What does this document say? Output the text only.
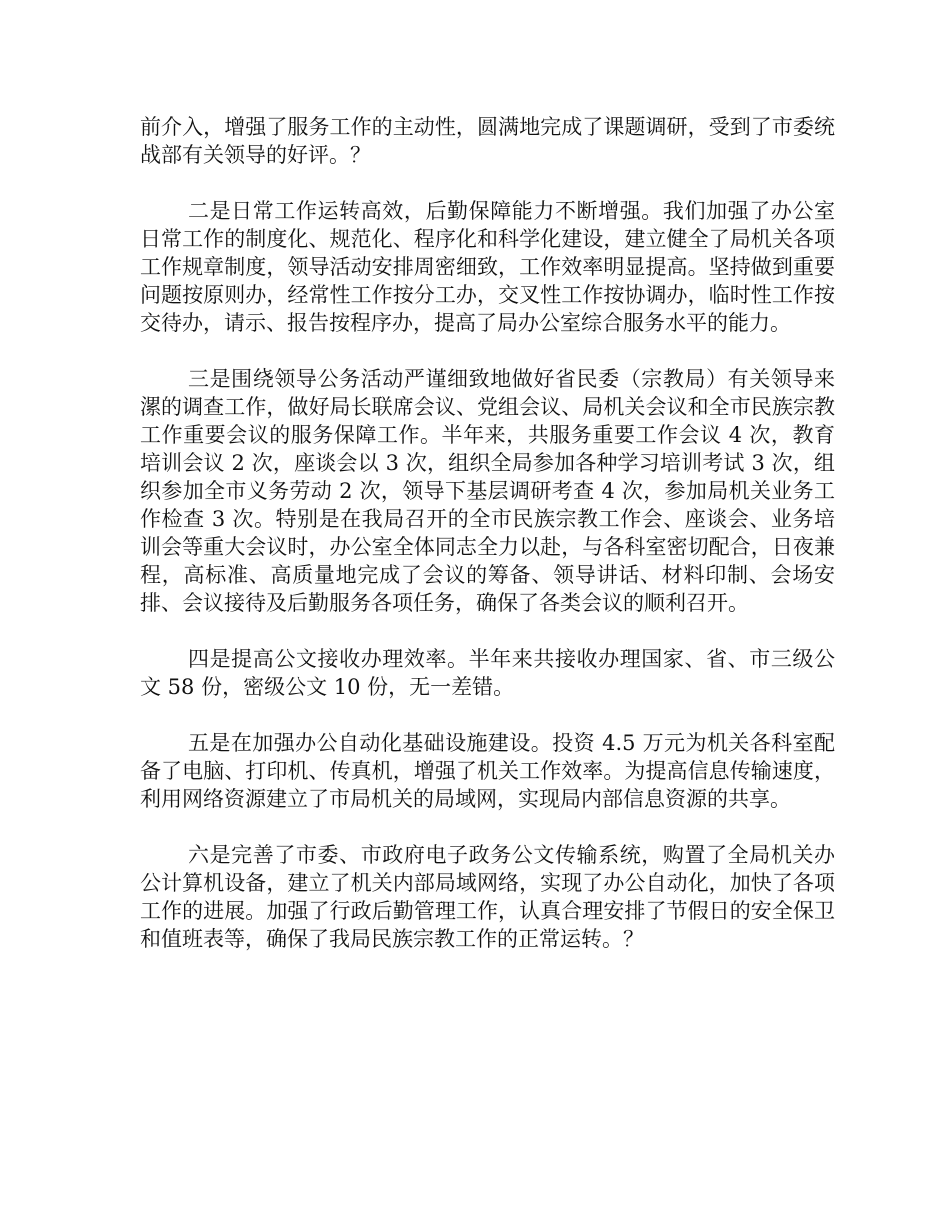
前介入，增强了服务工作的主动性，圆满地完成了课题调研，受到了市委统战部有关领导的好评。？

二是日常工作运转高效，后勤保障能力不断增强。我们加强了办公室日常工作的制度化、规范化、程序化和科学化建设，建立健全了局机关各项工作规章制度，领导活动安排周密细致，工作效率明显提高。坚持做到重要问题按原则办，经常性工作按分工办，交叉性工作按协调办，临时性工作按交待办，请示、报告按程序办，提高了局办公室综合服务水平的能力。

三是围绕领导公务活动严谨细致地做好省民委（宗教局）有关领导来漯的调查工作，做好局长联席会议、党组会议、局机关会议和全市民族宗教工作重要会议的服务保障工作。半年来，共服务重要工作会议 4 次，教育培训会议 2 次，座谈会以 3 次，组织全局参加各种学习培训考试 3 次，组织参加全市义务劳动 2 次，领导下基层调研考查 4 次，参加局机关业务工作检查 3 次。特别是在我局召开的全市民族宗教工作会、座谈会、业务培训会等重大会议时，办公室全体同志全力以赴，与各科室密切配合，日夜兼程，高标准、高质量地完成了会议的筹备、领导讲话、材料印制、会场安排、会议接待及后勤服务各项任务，确保了各类会议的顺利召开。

四是提高公文接收办理效率。半年来共接收办理国家、省、市三级公文 58 份，密级公文 10 份，无一差错。

五是在加强办公自动化基础设施建设。投资 4.5 万元为机关各科室配备了电脑、打印机、传真机，增强了机关工作效率。为提高信息传输速度，利用网络资源建立了市局机关的局域网，实现局内部信息资源的共享。

六是完善了市委、市政府电子政务公文传输系统，购置了全局机关办公计算机设备，建立了机关内部局域网络，实现了办公自动化，加快了各项工作的进展。加强了行政后勤管理工作，认真合理安排了节假日的安全保卫和值班表等，确保了我局民族宗教工作的正常运转。？
